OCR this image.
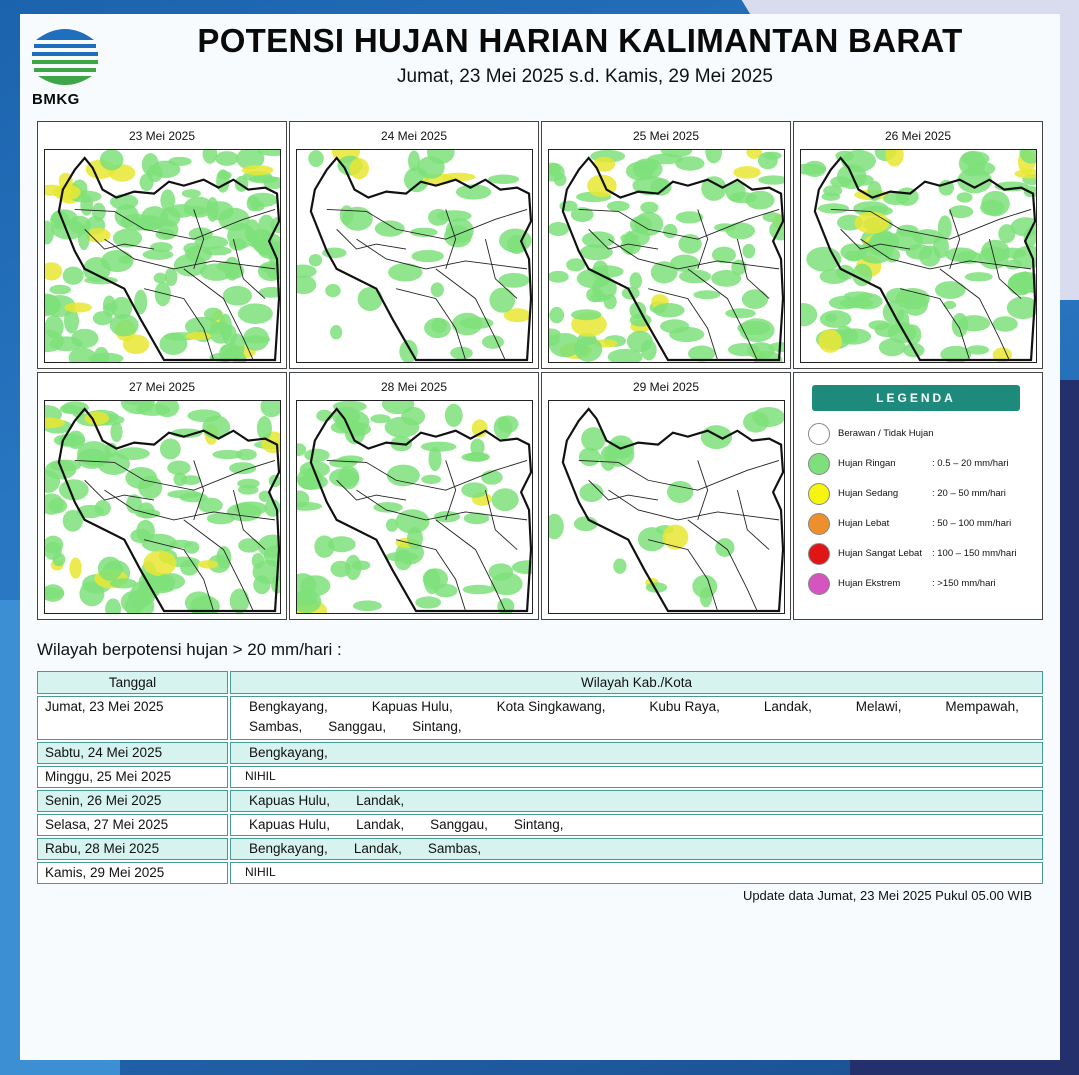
BMKG
POTENSI HUJAN HARIAN KALIMANTAN BARAT
Jumat, 23 Mei 2025 s.d. Kamis, 29 Mei 2025
23 Mei 2025	24 Mei 2025	25 Mei 2025	26 Mei 2025
27 Mei 2025	28 Mei 2025	29 Mei 2025
LEGENDA
Berawan / Tidak Hujan
Hujan Ringan	: 0.5 – 20 mm/hari
Hujan Sedang	: 20 – 50 mm/hari
Hujan Lebat	: 50 – 100 mm/hari
Hujan Sangat Lebat : 100 – 150 mm/hari
Hujan Ekstrem	: >150 mm/hari
Wilayah berpotensi hujan > 20 mm/hari :
Tanggal	Wilayah Kab./Kota
Jumat, 23 Mei 2025	Bengkayang,	Kapuas Hulu,	Kota Singkawang,	Kubu Raya,	Landak,	Melawi,	Mempawah,
Sambas, Sanggau, Sintang,
Sabtu, 24 Mei 2025	Bengkayang,
Minggu, 25 Mei 2025	NIHIL
Senin, 26 Mei 2025	Kapuas Hulu, Landak,
Selasa, 27 Mei 2025	Kapuas Hulu, Landak, Sanggau, Sintang,
Rabu, 28 Mei 2025	Bengkayang, Landak, Sambas,
Kamis, 29 Mei 2025	NIHIL
Update data Jumat, 23 Mei 2025 Pukul 05.00 WIB
